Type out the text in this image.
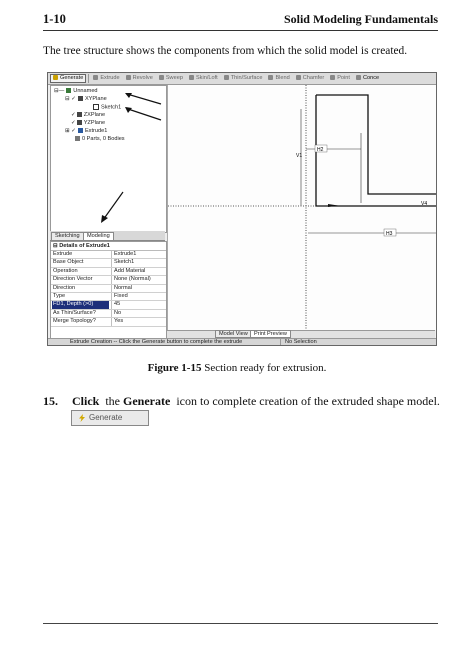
1-10	Solid Modeling Fundamentals
The tree structure shows the components from which the solid model is created.
Generate	Extrude Revolve Sweep Skin/Loft Thin/Surface Blend Chamfer Point Conce
⊟— Unnamed
⊟ ✓ XYPlane
Sketch1
✓ ZXPlane
✓ YZPlane
⊞ ✓ Extrude1
0 Parts, 0 Bodies
Sketching	Modeling
⊟ Details of Extrude1
Extrude	Extrude1
Base Object	Sketch1
Operation	Add Material
Direction Vector	None (Normal)
Direction	Normal
Type	Fixed
FD1, Depth (>0)	45
As Thin/Surface?	No
Merge Topology?	Yes
H2
H3
V1
V4
Model View	Print Preview
Extrude Creation -- Click the Generate button to complete the extrude	No Selection
Figure 1-15 Section ready for extrusion.
15. Click the Generate icon to complete creation of the extruded shape model.
Generate
